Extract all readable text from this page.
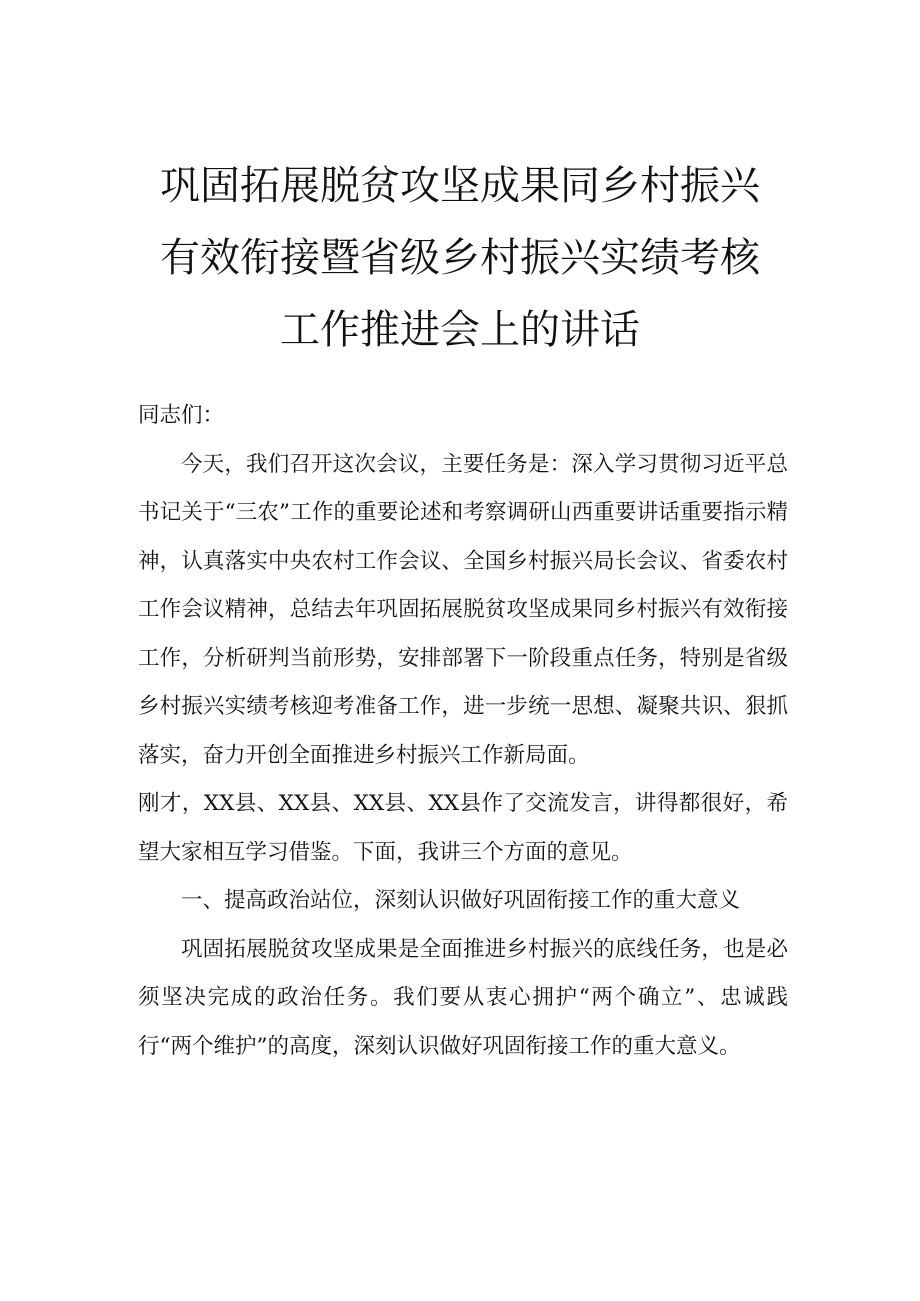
巩固拓展脱贫攻坚成果同乡村振兴
有效衔接暨省级乡村振兴实绩考核
工作推进会上的讲话

同志们：

今天，我们召开这次会议，主要任务是：深入学习贯彻习近平总书记关于“三农”工作的重要论述和考察调研山西重要讲话重要指示精神，认真落实中央农村工作会议、全国乡村振兴局长会议、省委农村工作会议精神，总结去年巩固拓展脱贫攻坚成果同乡村振兴有效衔接工作，分析研判当前形势，安排部署下一阶段重点任务，特别是省级乡村振兴实绩考核迎考准备工作，进一步统一思想、凝聚共识、狠抓落实，奋力开创全面推进乡村振兴工作新局面。

刚才，XX县、XX县、XX县、XX县作了交流发言，讲得都很好，希望大家相互学习借鉴。下面，我讲三个方面的意见。

一、提高政治站位，深刻认识做好巩固衔接工作的重大意义

巩固拓展脱贫攻坚成果是全面推进乡村振兴的底线任务，也是必须坚决完成的政治任务。我们要从衷心拥护“两个确立”、忠诚践行“两个维护”的高度，深刻认识做好巩固衔接工作的重大意义。
